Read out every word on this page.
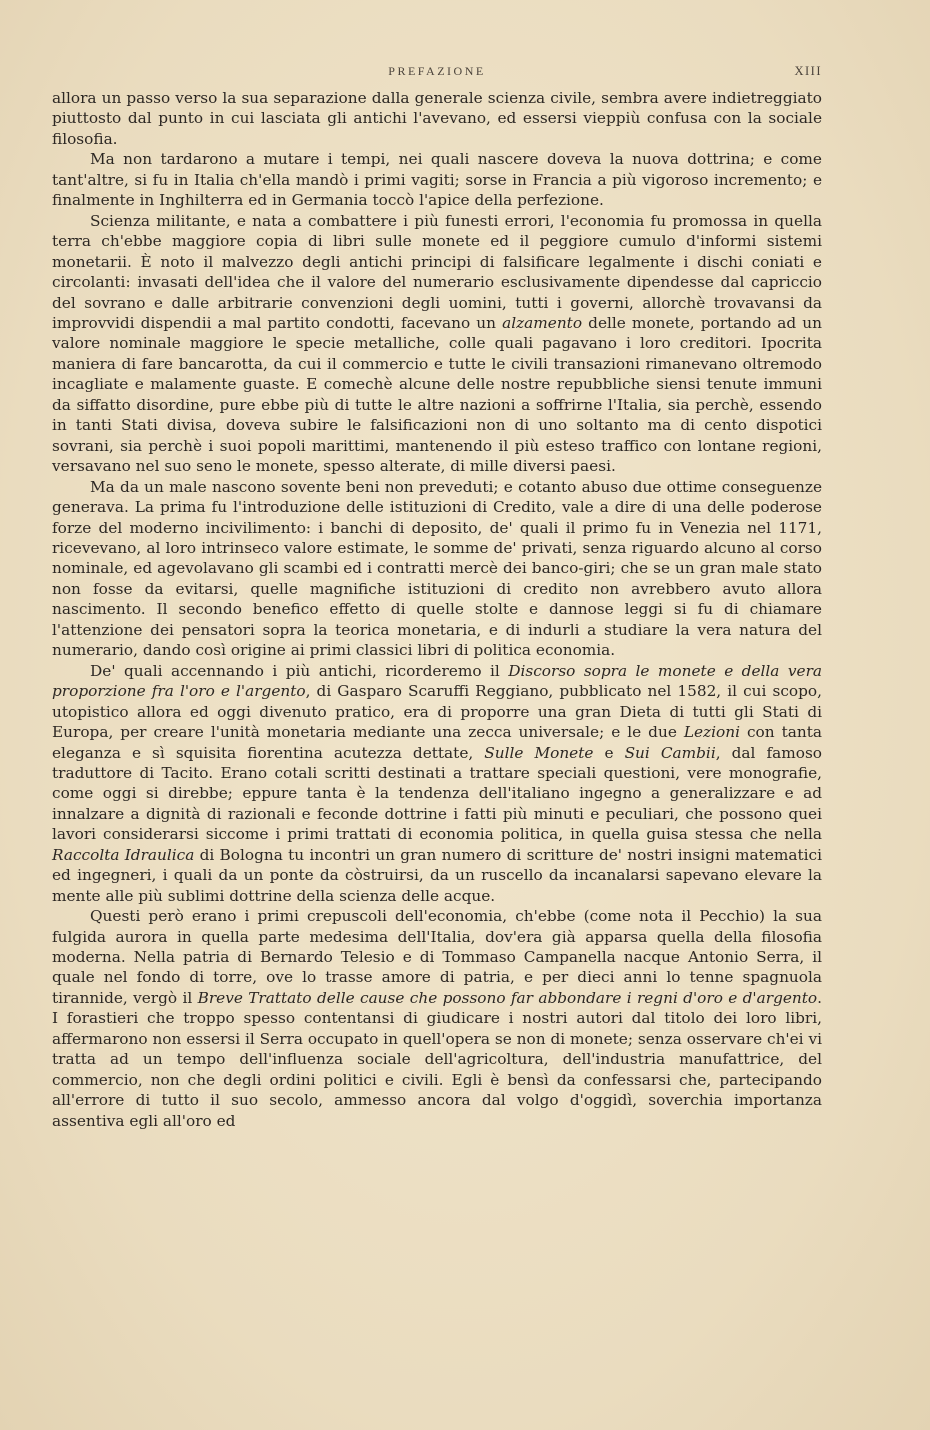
PREFAZIONE	XIII

allora un passo verso la sua separazione dalla generale scienza civile, sembra avere indietreggiato piuttosto dal punto in cui lasciata gli antichi l'avevano, ed essersi vieppiù confusa con la sociale filosofia.

Ma non tardarono a mutare i tempi, nei quali nascere doveva la nuova dottrina; e come tant'altre, si fu in Italia ch'ella mandò i primi vagiti; sorse in Francia a più vigoroso incremento; e finalmente in Inghilterra ed in Germania toccò l'apice della perfezione.

Scienza militante, e nata a combattere i più funesti errori, l'economia fu promossa in quella terra ch'ebbe maggiore copia di libri sulle monete ed il peggiore cumulo d'informi sistemi monetarii. È noto il malvezzo degli antichi principi di falsificare legalmente i dischi coniati e circolanti: invasati dell'idea che il valore del numerario esclusivamente dipendesse dal capriccio del sovrano e dalle arbitrarie convenzioni degli uomini, tutti i governi, allorchè trovavansi da improvvidi dispendii a mal partito condotti, facevano un alzamento delle monete, portando ad un valore nominale maggiore le specie metalliche, colle quali pagavano i loro creditori. Ipocrita maniera di fare bancarotta, da cui il commercio e tutte le civili transazioni rimanevano oltremodo incagliate e malamente guaste. E comechè alcune delle nostre repubbliche siensi tenute immuni da siffatto disordine, pure ebbe più di tutte le altre nazioni a soffrirne l'Italia, sia perchè, essendo in tanti Stati divisa, doveva subire le falsificazioni non di uno soltanto ma di cento dispotici sovrani, sia perchè i suoi popoli marittimi, mantenendo il più esteso traffico con lontane regioni, versavano nel suo seno le monete, spesso alterate, di mille diversi paesi.

Ma da un male nascono sovente beni non preveduti; e cotanto abuso due ottime conseguenze generava. La prima fu l'introduzione delle istituzioni di Credito, vale a dire di una delle poderose forze del moderno incivilimento: i banchi di deposito, de' quali il primo fu in Venezia nel 1171, ricevevano, al loro intrinseco valore estimate, le somme de' privati, senza riguardo alcuno al corso nominale, ed agevolavano gli scambi ed i contratti mercè dei banco-giri; che se un gran male stato non fosse da evitarsi, quelle magnifiche istituzioni di credito non avrebbero avuto allora nascimento. Il secondo benefico effetto di quelle stolte e dannose leggi si fu di chiamare l'attenzione dei pensatori sopra la teorica monetaria, e di indurli a studiare la vera natura del numerario, dando così origine ai primi classici libri di politica economia.

De' quali accennando i più antichi, ricorderemo il Discorso sopra le monete e della vera proporzione fra l'oro e l'argento, di Gasparo Scaruffi Reggiano, pubblicato nel 1582, il cui scopo, utopistico allora ed oggi divenuto pratico, era di proporre una gran Dieta di tutti gli Stati di Europa, per creare l'unità monetaria mediante una zecca universale; e le due Lezioni con tanta eleganza e sì squisita fiorentina acutezza dettate, Sulle Monete e Sui Cambii, dal famoso traduttore di Tacito. Erano cotali scritti destinati a trattare speciali questioni, vere monografie, come oggi si direbbe; eppure tanta è la tendenza dell'italiano ingegno a generalizzare e ad innalzare a dignità di razionali e feconde dottrine i fatti più minuti e peculiari, che possono quei lavori considerarsi siccome i primi trattati di economia politica, in quella guisa stessa che nella Raccolta Idraulica di Bologna tu incontri un gran numero di scritture de' nostri insigni matematici ed ingegneri, i quali da un ponte da còstruirsi, da un ruscello da incanalarsi sapevano elevare la mente alle più sublimi dottrine della scienza delle acque.

Questi però erano i primi crepuscoli dell'economia, ch'ebbe (come nota il Pecchio) la sua fulgida aurora in quella parte medesima dell'Italia, dov'era già apparsa quella della filosofia moderna. Nella patria di Bernardo Telesio e di Tommaso Campanella nacque Antonio Serra, il quale nel fondo di torre, ove lo trasse amore di patria, e per dieci anni lo tenne spagnuola tirannide, vergò il Breve Trattato delle cause che possono far abbondare i regni d'oro e d'argento. I forastieri che troppo spesso contentansi di giudicare i nostri autori dal titolo dei loro libri, affermarono non essersi il Serra occupato in quell'opera se non di monete; senza osservare ch'ei vi tratta ad un tempo dell'influenza sociale dell'agricoltura, dell'industria manufattrice, del commercio, non che degli ordini politici e civili. Egli è bensì da confessarsi che, partecipando all'errore di tutto il suo secolo, ammesso ancora dal volgo d'oggidì, soverchia importanza assentiva egli all'oro ed
